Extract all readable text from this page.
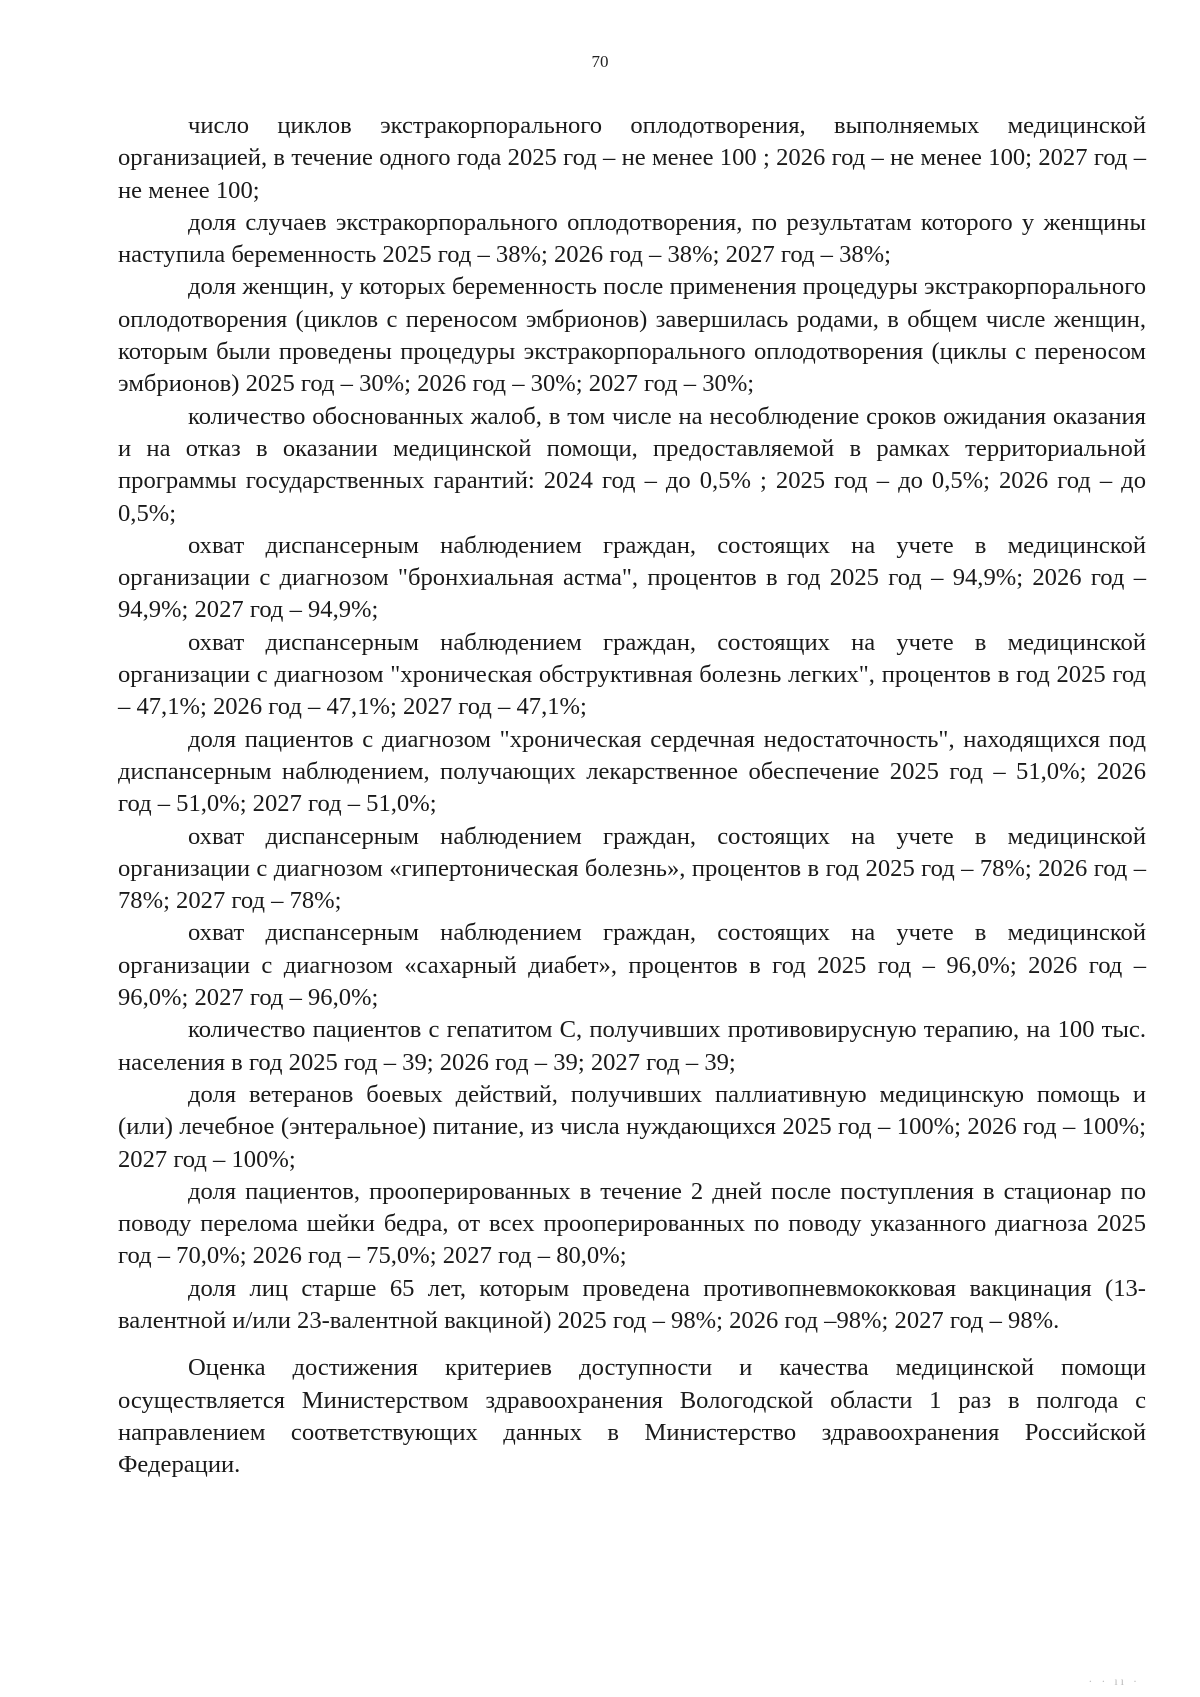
70

число циклов экстракорпорального оплодотворения, выполняемых медицинской организацией, в течение одного года 2025 год – не менее 100 ; 2026 год – не менее 100; 2027 год – не менее 100;

доля случаев экстракорпорального оплодотворения, по результатам которого у женщины наступила беременность 2025 год – 38%; 2026 год – 38%; 2027 год – 38%;

доля женщин, у которых беременность после применения процедуры экстракорпорального оплодотворения (циклов с переносом эмбрионов) завершилась родами, в общем числе женщин, которым были проведены процедуры экстракорпорального оплодотворения (циклы с переносом эмбрионов) 2025 год – 30%; 2026 год – 30%; 2027 год – 30%;

количество обоснованных жалоб, в том числе на несоблюдение сроков ожидания оказания и на отказ в оказании медицинской помощи, предоставляемой в рамках территориальной программы государственных гарантий: 2024 год – до 0,5% ; 2025 год – до 0,5%; 2026 год – до 0,5%;

охват диспансерным наблюдением граждан, состоящих на учете в медицинской организации с диагнозом "бронхиальная астма", процентов в год 2025 год – 94,9%; 2026 год – 94,9%; 2027 год – 94,9%;

охват диспансерным наблюдением граждан, состоящих на учете в медицинской организации с диагнозом "хроническая обструктивная болезнь легких", процентов в год 2025 год – 47,1%; 2026 год – 47,1%; 2027 год – 47,1%;

доля пациентов с диагнозом "хроническая сердечная недостаточность", находящихся под диспансерным наблюдением, получающих лекарственное обеспечение 2025 год – 51,0%; 2026 год – 51,0%; 2027 год – 51,0%;

охват диспансерным наблюдением граждан, состоящих на учете в медицинской организации с диагнозом «гипертоническая болезнь», процентов в год 2025 год – 78%; 2026 год – 78%; 2027 год – 78%;

охват диспансерным наблюдением граждан, состоящих на учете в медицинской организации с диагнозом «сахарный диабет», процентов в год 2025 год – 96,0%; 2026 год – 96,0%; 2027 год – 96,0%;

количество пациентов с гепатитом С, получивших противовирусную терапию, на 100 тыс. населения в год 2025 год – 39; 2026 год – 39; 2027 год – 39;

доля ветеранов боевых действий, получивших паллиативную медицинскую помощь и (или) лечебное (энтеральное) питание, из числа нуждающихся 2025 год – 100%; 2026 год – 100%; 2027 год – 100%;

доля пациентов, прооперированных в течение 2 дней после поступления в стационар по поводу перелома шейки бедра, от всех прооперированных по поводу указанного диагноза 2025 год – 70,0%; 2026 год – 75,0%; 2027 год – 80,0%;

доля лиц старше 65 лет, которым проведена противопневмококковая вакцинация (13-валентной и/или 23-валентной вакциной) 2025 год – 98%; 2026 год –98%; 2027 год – 98%.

Оценка достижения критериев доступности и качества медицинской помощи осуществляется Министерством здравоохранения Вологодской области 1 раз в полгода с направлением соответствующих данных в Министерство здравоохранения Российской Федерации.

· · ıı ·
